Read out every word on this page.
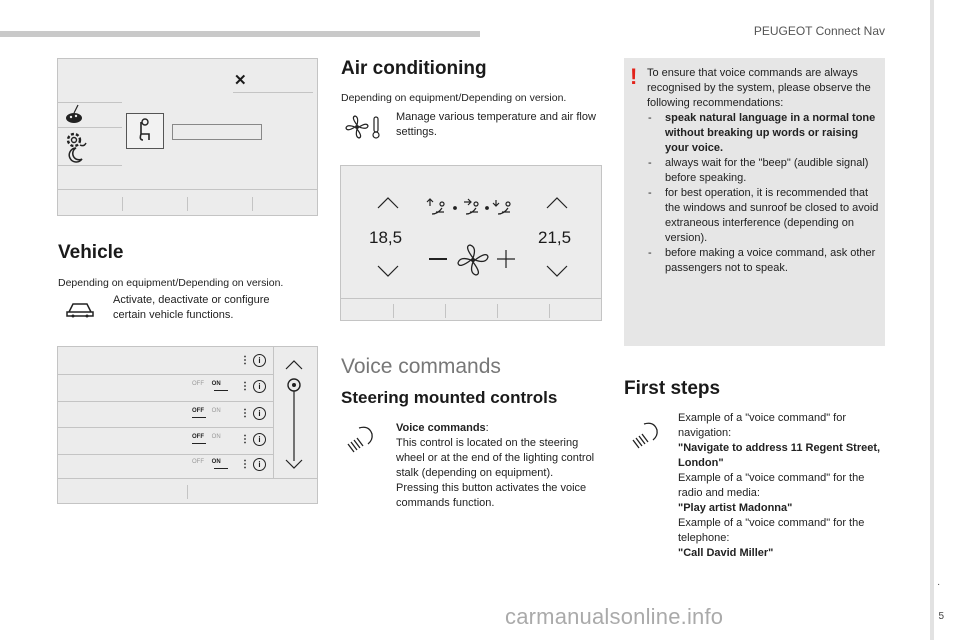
PEUGEOT Connect Nav
.
5
✕
Vehicle
Depending on equipment/Depending on version.
Activate, deactivate or configure certain vehicle functions.
⋮	i
⋮	i
⋮	i
⋮	i
⋮	i
OFF ON
OFF ON
OFF ON
OFF ON
Air conditioning
Depending on equipment/Depending on version.
Manage various temperature and air flow settings.
18,5	21,5
Voice commands
Steering mounted controls
Voice commands:
This control is located on the steering wheel or at the end of the lighting control stalk (depending on equipment).
Pressing this button activates the voice commands function.
! To ensure that voice commands are always recognised by the system, please observe the following recommendations:
- speak natural language in a normal tone without breaking up words or raising your voice.
- always wait for the "beep" (audible signal) before speaking.
- for best operation, it is recommended that the windows and sunroof be closed to avoid extraneous interference (depending on version).
- before making a voice command, ask other passengers not to speak.
First steps
Example of a "voice command" for navigation:
"Navigate to address 11 Regent Street, London"
Example of a "voice command" for the radio and media:
"Play artist Madonna"
Example of a "voice command" for the telephone:
"Call David Miller"
carmanualsonline.info
